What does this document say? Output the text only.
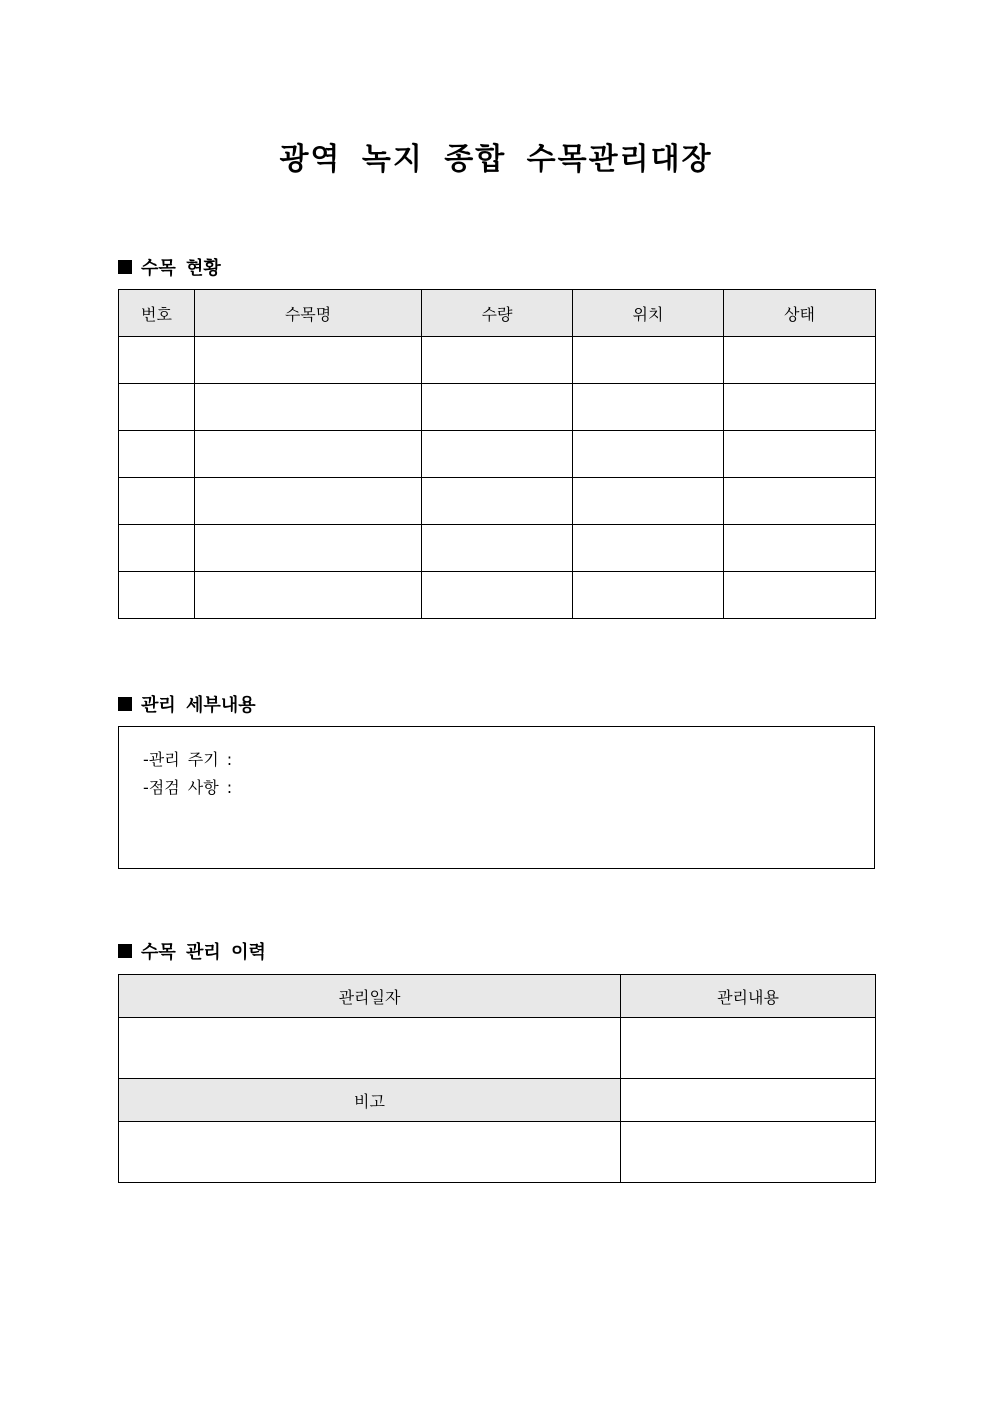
광역 녹지 종합 수목관리대장
수목 현황
번호	수목명	수량	위치	상태

관리 세부내용
-관리 주기 :
-점검 사항 :
수목 관리 이력
관리일자	관리내용

비고	
